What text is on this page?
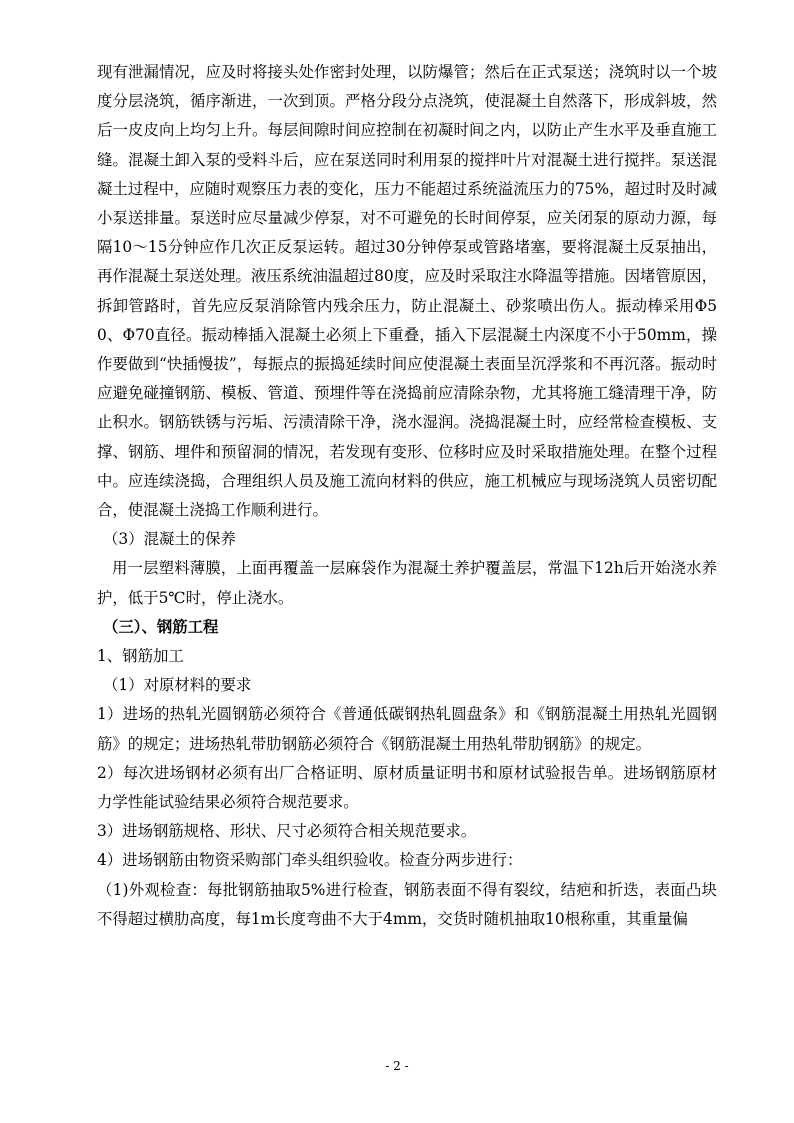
现有泄漏情况，应及时将接头处作密封处理，以防爆管；然后在正式泵送；浇筑时以一个坡度分层浇筑，循序渐进，一次到顶。严格分段分点浇筑，使混凝土自然落下，形成斜坡，然后一皮皮向上均匀上升。每层间隙时间应控制在初凝时间之内，以防止产生水平及垂直施工缝。混凝土卸入泵的受料斗后，应在泵送同时利用泵的搅拌叶片对混凝土进行搅拌。泵送混凝土过程中，应随时观察压力表的变化，压力不能超过系统溢流压力的75%，超过时及时减小泵送排量。泵送时应尽量减少停泵，对不可避免的长时间停泵，应关闭泵的原动力源，每隔10～15分钟应作几次正反泵运转。超过30分钟停泵或管路堵塞，要将混凝土反泵抽出，再作混凝土泵送处理。液压系统油温超过80度，应及时采取注水降温等措施。因堵管原因，拆卸管路时，首先应反泵消除管内残余压力，防止混凝土、砂浆喷出伤人。振动棒采用Φ50、Φ70直径。振动棒插入混凝土必须上下重叠，插入下层混凝土内深度不小于50mm，操作要做到“快插慢拔”，每振点的振捣延续时间应使混凝土表面呈沉浮浆和不再沉落。振动时应避免碰撞钢筋、模板、管道、预埋件等在浇捣前应清除杂物，尤其将施工缝清理干净，防止积水。钢筋铁锈与污垢、污渍清除干净，浇水湿润。浇捣混凝土时，应经常检查模板、支撑、钢筋、埋件和预留洞的情况，若发现有变形、位移时应及时采取措施处理。在整个过程中。应连续浇捣，合理组织人员及施工流向材料的供应，施工机械应与现场浇筑人员密切配合，使混凝土浇捣工作顺利进行。

（3）混凝土的保养

用一层塑料薄膜，上面再覆盖一层麻袋作为混凝土养护覆盖层，常温下12h后开始浇水养护，低于5℃时，停止浇水。

（三）、钢筋工程

1、钢筋加工

（1）对原材料的要求

1）进场的热轧光圆钢筋必须符合《普通低碳钢热轧圆盘条》和《钢筋混凝土用热轧光圆钢筋》的规定；进场热轧带肋钢筋必须符合《钢筋混凝土用热轧带肋钢筋》的规定。

2）每次进场钢材必须有出厂合格证明、原材质量证明书和原材试验报告单。进场钢筋原材力学性能试验结果必须符合规范要求。

3）进场钢筋规格、形状、尺寸必须符合相关规范要求。

4）进场钢筋由物资采购部门牵头组织验收。检查分两步进行：

（1)外观检查：每批钢筋抽取5%进行检查，钢筋表面不得有裂纹，结疤和折迭，表面凸块不得超过横肋高度，每1m长度弯曲不大于4mm，交货时随机抽取10根称重，其重量偏

- 2 -
